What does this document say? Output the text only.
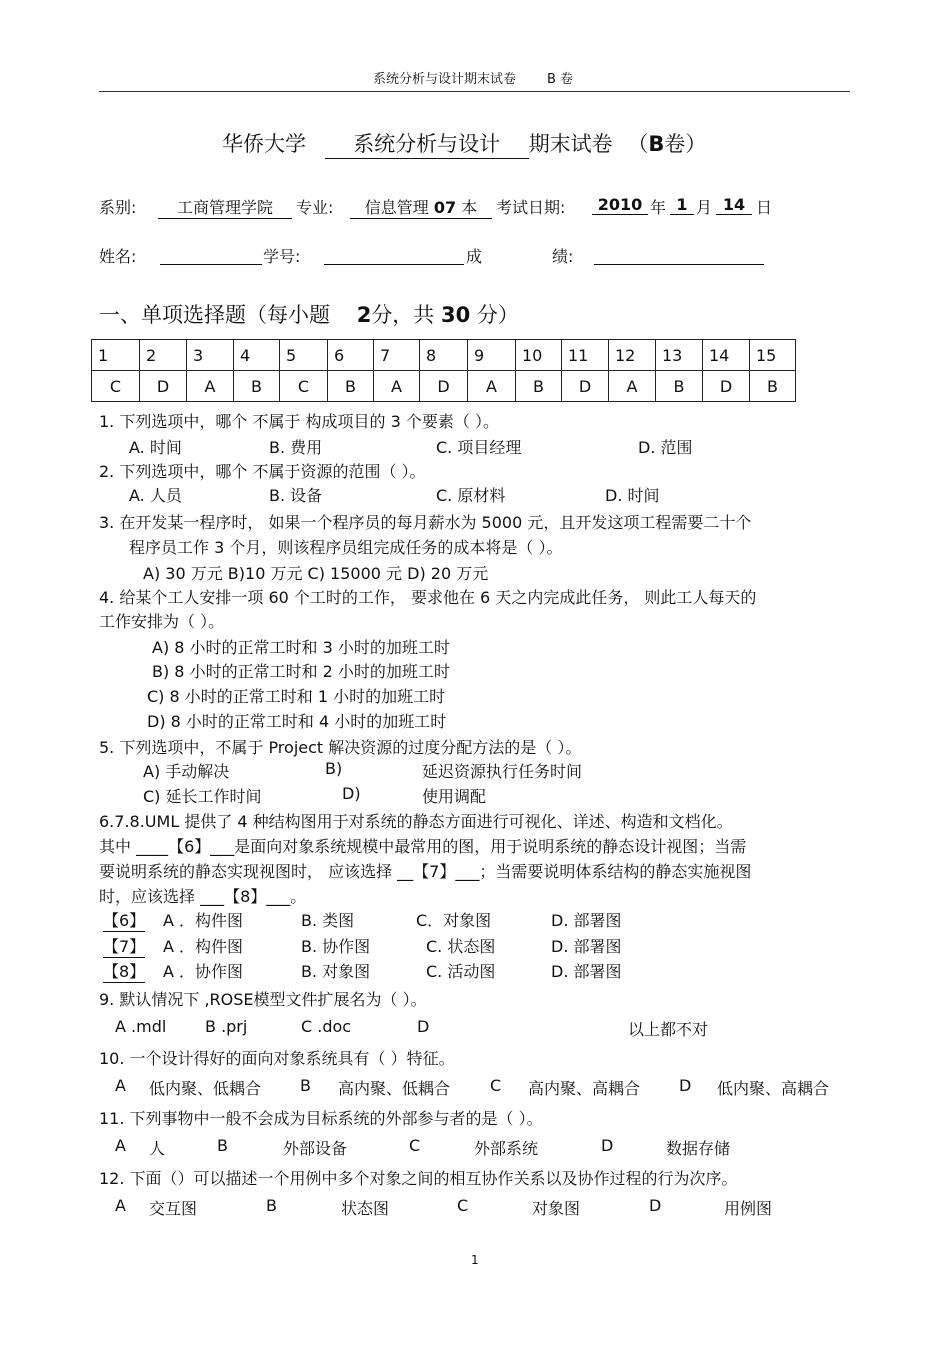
系统分析与设计期末试卷 B 卷
华侨大学 系统分析与设计 期末试卷 （B卷）
系别:	工商管理学院	专业:	信息管理 07 本	考试日期:	2010 年 1 月 14 日
姓名:	学号:	成	绩:
一、单项选择题（每小题 2分，共 30 分）
1	2	3	4	5	6	7	8	9	10	11	12	13	14	15
C	D	A	B	C	B	A	D	A	B	D	A	B	D	B
1. 下列选项中，哪个 不属于 构成项目的 3 个要素（ ）。
A. 时间	B. 费用	C. 项目经理	D. 范围
2. 下列选项中，哪个 不属于资源的范围（ ）。
A. 人员	B. 设备	C. 原材料	D. 时间
3. 在开发某一程序时， 如果一个程序员的每月薪水为 5000 元，且开发这项工程需要二十个
程序员工作 3 个月，则该程序员组完成任务的成本将是（ ）。
A) 30 万元 B)10 万元 C) 15000 元 D) 20 万元
4. 给某个工人安排一项 60 个工时的工作， 要求他在 6 天之内完成此任务， 则此工人每天的
工作安排为（ ）。
A) 8 小时的正常工时和 3 小时的加班工时
B) 8 小时的正常工时和 2 小时的加班工时
C) 8 小时的正常工时和 1 小时的加班工时
D) 8 小时的正常工时和 4 小时的加班工时
5. 下列选项中，不属于 Project 解决资源的过度分配方法的是（ ）。
A) 手动解决	B)	延迟资源执行任务时间
C) 延长工作时间	D)	使用调配
6.7.8.UML 提供了 4 种结构图用于对系统的静态方面进行可视化、详述、构造和文档化。
其中 ____【6】___是面向对象系统规模中最常用的图，用于说明系统的静态设计视图；当需
要说明系统的静态实现视图时， 应该选择 __【7】___；当需要说明体系结构的静态实施视图
时，应该选择 ___【8】___。
【6】 A ．构件图	B. 类图	C．对象图	D. 部署图
【7】 A ．构件图	B. 协作图	C. 状态图	D. 部署图
【8】 A ．协作图	B. 对象图	C. 活动图	D. 部署图
9. 默认情况下 ,ROSE模型文件扩展名为（ ）。
A .mdl B .prj	C .doc	D	以上都不对
10. 一个设计得好的面向对象系统具有（ ）特征。
A 低内聚、低耦合 B 高内聚、低耦合 C 高内聚、高耦合 D 低内聚、高耦合
11. 下列事物中一般不会成为目标系统的外部参与者的是（ ）。
A 人	B	外部设备	C	外部系统	D	数据存储
12. 下面（）可以描述一个用例中多个对象之间的相互协作关系以及协作过程的行为次序。
A 交互图	B	状态图	C	对象图	D	用例图
1
